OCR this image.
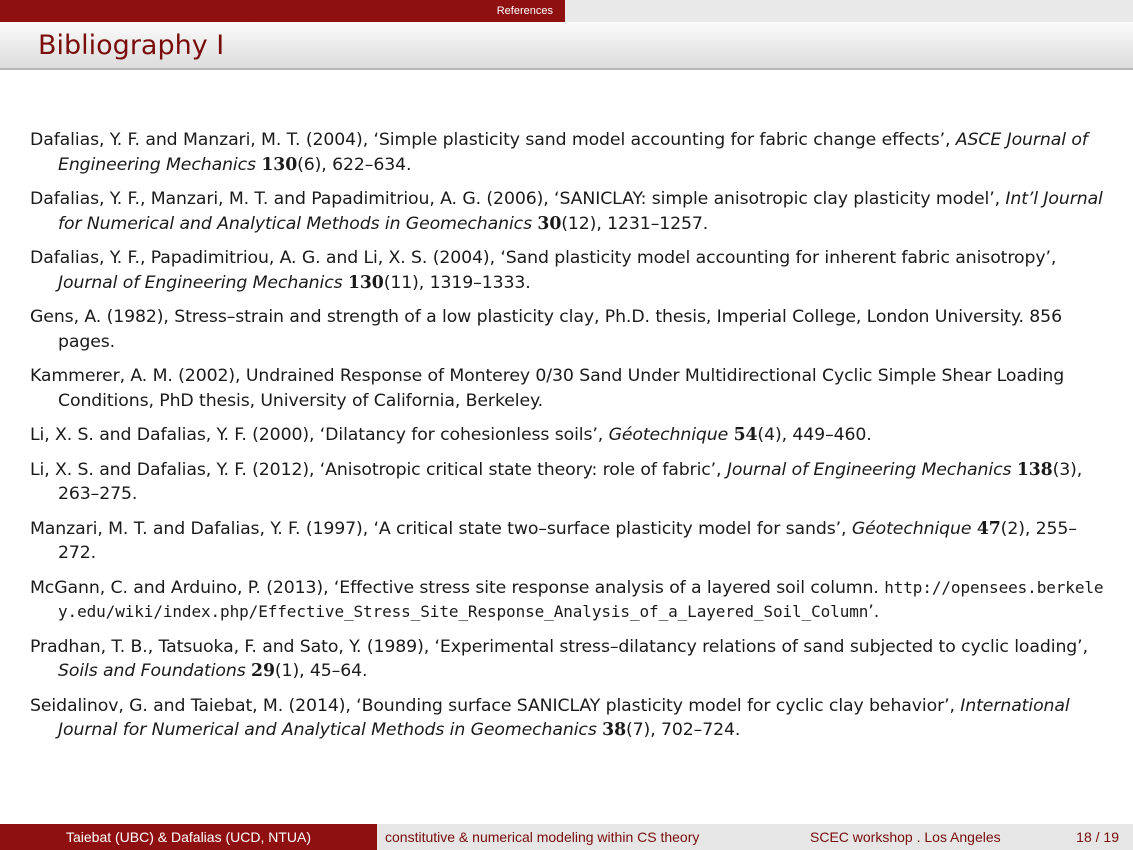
References
Bibliography I
Dafalias, Y. F. and Manzari, M. T. (2004), ‘Simple plasticity sand model accounting for fabric change effects’, ASCE Journal of Engineering Mechanics 130(6), 622–634.
Dafalias, Y. F., Manzari, M. T. and Papadimitriou, A. G. (2006), ‘SANICLAY: simple anisotropic clay plasticity model’, Int’l Journal for Numerical and Analytical Methods in Geomechanics 30(12), 1231–1257.
Dafalias, Y. F., Papadimitriou, A. G. and Li, X. S. (2004), ‘Sand plasticity model accounting for inherent fabric anisotropy’, Journal of Engineering Mechanics 130(11), 1319–1333.
Gens, A. (1982), Stress–strain and strength of a low plasticity clay, Ph.D. thesis, Imperial College, London University. 856 pages.
Kammerer, A. M. (2002), Undrained Response of Monterey 0/30 Sand Under Multidirectional Cyclic Simple Shear Loading Conditions, PhD thesis, University of California, Berkeley.
Li, X. S. and Dafalias, Y. F. (2000), ‘Dilatancy for cohesionless soils’, Géotechnique 54(4), 449–460.
Li, X. S. and Dafalias, Y. F. (2012), ‘Anisotropic critical state theory: role of fabric’, Journal of Engineering Mechanics 138(3), 263–275.
Manzari, M. T. and Dafalias, Y. F. (1997), ‘A critical state two–surface plasticity model for sands’, Géotechnique 47(2), 255–272.
McGann, C. and Arduino, P. (2013), ‘Effective stress site response analysis of a layered soil column. http://opensees.berkeley.edu/wiki/index.php/Effective_Stress_Site_Response_Analysis_of_a_Layered_Soil_Column’.
Pradhan, T. B., Tatsuoka, F. and Sato, Y. (1989), ‘Experimental stress–dilatancy relations of sand subjected to cyclic loading’, Soils and Foundations 29(1), 45–64.
Seidalinov, G. and Taiebat, M. (2014), ‘Bounding surface SANICLAY plasticity model for cyclic clay behavior’, International Journal for Numerical and Analytical Methods in Geomechanics 38(7), 702–724.
Taiebat (UBC) & Dafalias (UCD, NTUA)	constitutive & numerical modeling within CS theory	SCEC workshop . Los Angeles	18 / 19
